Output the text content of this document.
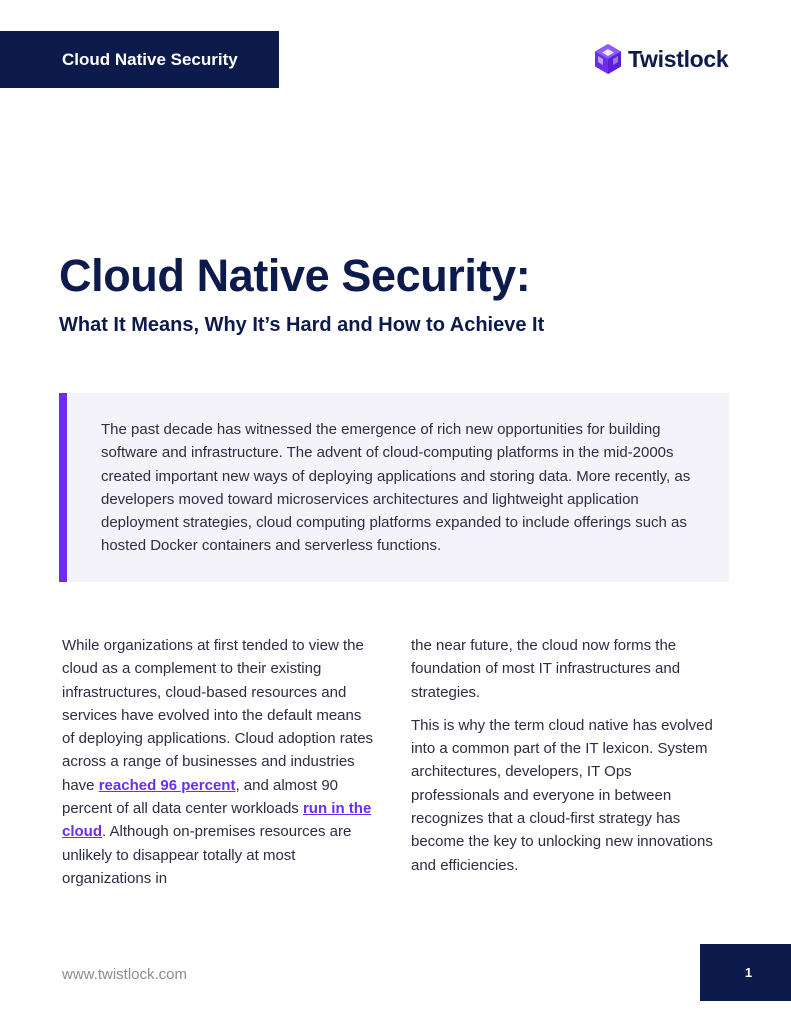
Cloud Native Security	Twistlock
Cloud Native Security:
What It Means, Why It’s Hard and How to Achieve It

The past decade has witnessed the emergence of rich new opportunities for building software and infrastructure. The advent of cloud-computing platforms in the mid-2000s created important new ways of deploying applications and storing data. More recently, as developers moved toward microservices architectures and lightweight application deployment strategies, cloud computing platforms expanded to include offerings such as hosted Docker containers and serverless functions.

While organizations at first tended to view the cloud as a complement to their existing infrastructures, cloud-based resources and services have evolved into the default means of deploying applications. Cloud adoption rates across a range of businesses and industries have reached 96 percent, and almost 90 percent of all data center workloads run in the cloud. Although on-premises resources are unlikely to disappear totally at most organizations in

the near future, the cloud now forms the foundation of most IT infrastructures and strategies.

This is why the term cloud native has evolved into a common part of the IT lexicon. System architectures, developers, IT Ops professionals and everyone in between recognizes that a cloud-first strategy has become the key to unlocking new innovations and efficiencies.

www.twistlock.com	1
